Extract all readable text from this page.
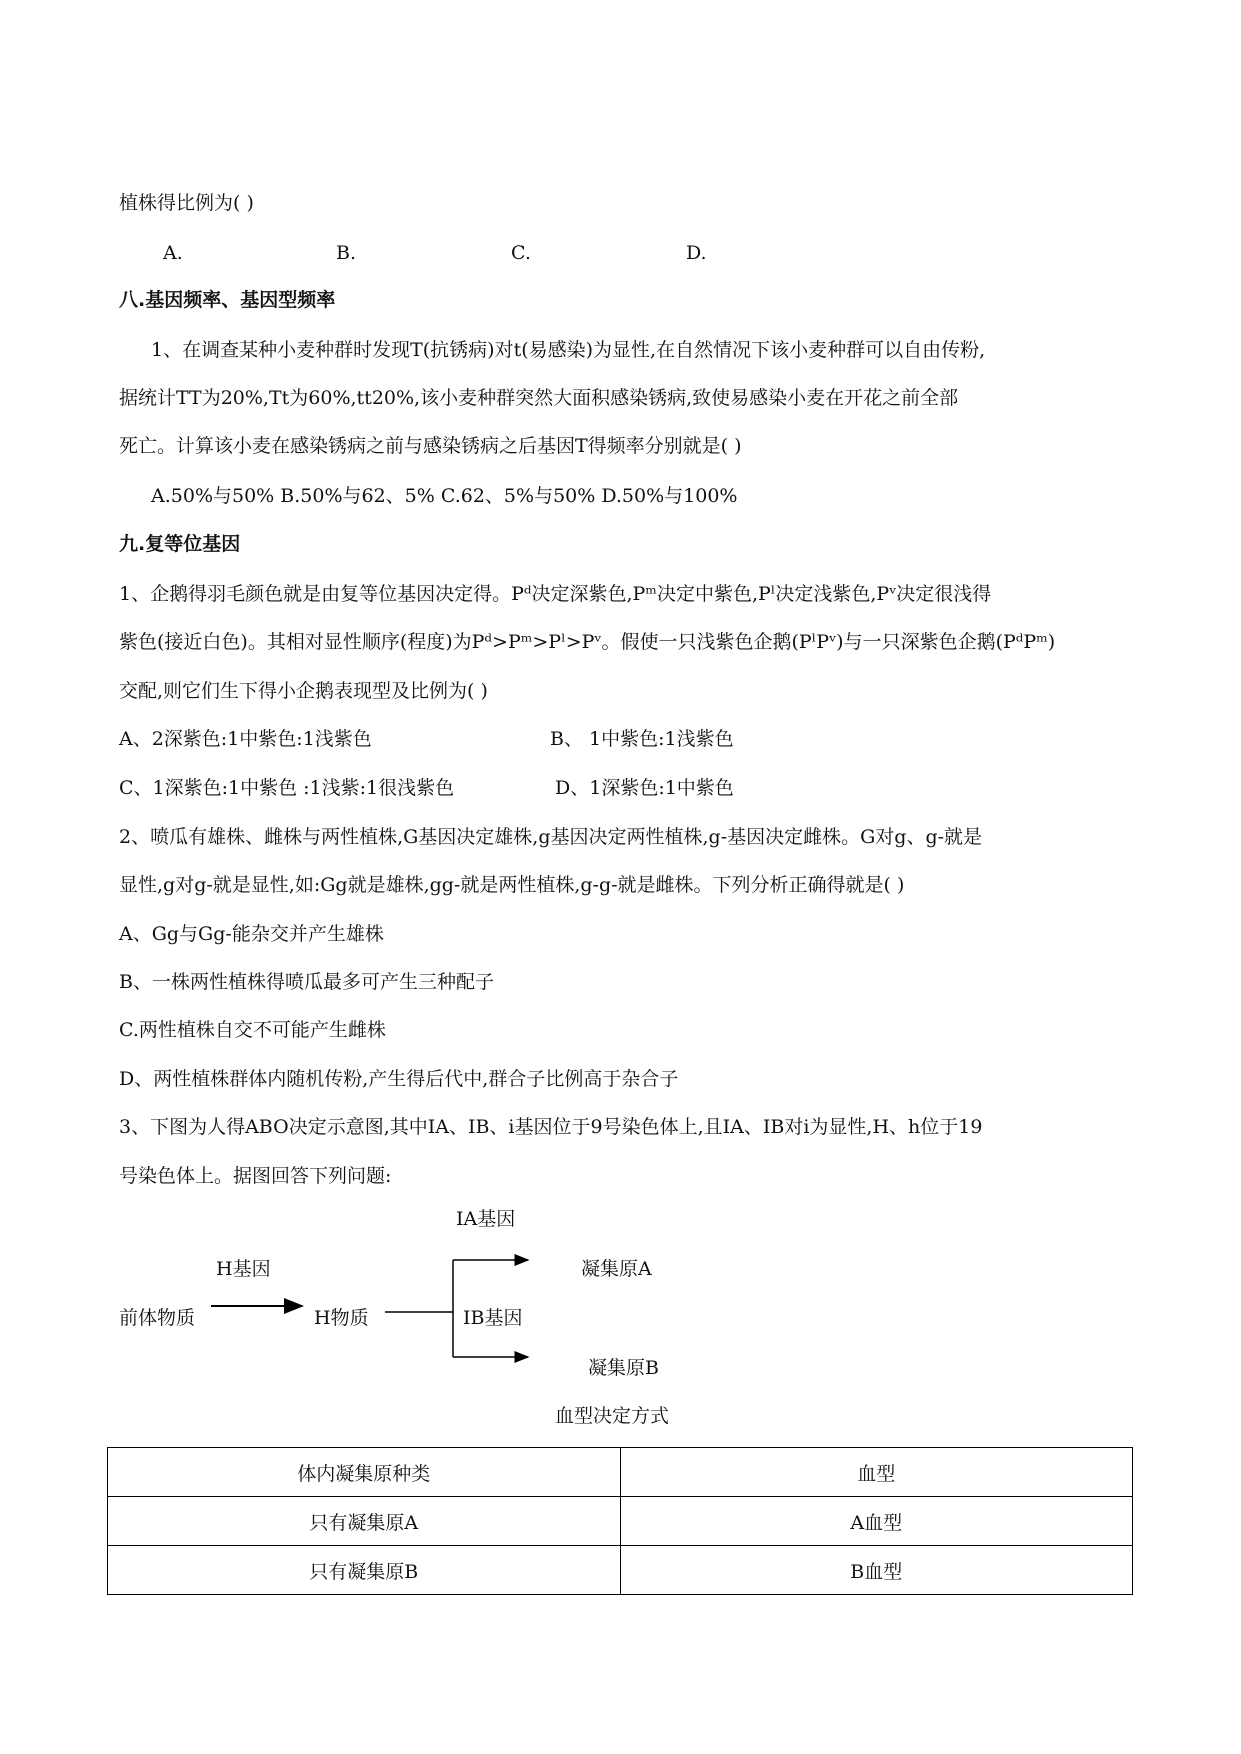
植株得比例为( )
A.	B.	C.	D.
八.基因频率、基因型频率
1、在调查某种小麦种群时发现T(抗锈病)对t(易感染)为显性,在自然情况下该小麦种群可以自由传粉,
据统计TT为20%,Tt为60%,tt20%,该小麦种群突然大面积感染锈病,致使易感染小麦在开花之前全部
死亡。计算该小麦在感染锈病之前与感染锈病之后基因T得频率分别就是( )
A.50%与50% B.50%与62、5% C.62、5%与50% D.50%与100%
九.复等位基因
1、企鹅得羽毛颜色就是由复等位基因决定得。Pᵈ决定深紫色,Pᵐ决定中紫色,Pˡ决定浅紫色,Pᵛ决定很浅得
紫色(接近白色)。其相对显性顺序(程度)为Pᵈ>Pᵐ>Pˡ>Pᵛ。假使一只浅紫色企鹅(PˡPᵛ)与一只深紫色企鹅(PᵈPᵐ)
交配,则它们生下得小企鹅表现型及比例为( )
A、2深紫色:1中紫色:1浅紫色	B、 1中紫色:1浅紫色
C、1深紫色:1中紫色 :1浅紫:1很浅紫色	D、1深紫色:1中紫色
2、喷瓜有雄株、雌株与两性植株,G基因决定雄株,g基因决定两性植株,g-基因决定雌株。G对g、g-就是
显性,g对g-就是显性,如:Gg就是雄株,gg-就是两性植株,g-g-就是雌株。下列分析正确得就是( )
A、Gg与Gg-能杂交并产生雄株
B、一株两性植株得喷瓜最多可产生三种配子
C.两性植株自交不可能产生雌株
D、两性植株群体内随机传粉,产生得后代中,群合子比例高于杂合子
3、下图为人得ABO决定示意图,其中IA、IB、i基因位于9号染色体上,且IA、IB对i为显性,H、h位于19
号染色体上。据图回答下列问题:
IA基因
H基因	凝集原A
前体物质	H物质	IB基因
凝集原B
血型决定方式
体内凝集原种类	血型
只有凝集原A	A血型
只有凝集原B	B血型
